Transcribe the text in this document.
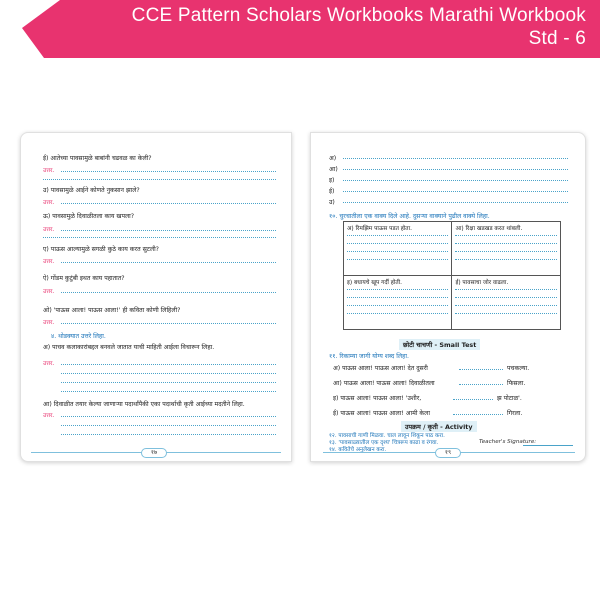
CCE Pattern Scholars Workbooks Marathi Workbook
Std - 6
ई) आतेच्या पावसामुळे बाबांनी चढवळ का केली?
उत्तर.
उ) पावसामुळे आईने कोणते नुकसान झाले?
उत्तर.
ऊ) पावसामुळे दिवाळीतला काय खपला?
उत्तर.
ए) पाऊस आल्यामुळे सगळी कुठे काय करत सुटली?
उत्तर.
ऐ) गोंडम कुटुंबी इथत काय पहातात?
उत्तर.
ओ) 'पाऊस आला! पाऊस आला!' ही कविता कोणी लिहिली?
उत्तर.
४. थोडक्यात उत्तरे लिहा.
अ) पाचव कलाकारांबद्दल बनवले जातात याची माहिती आईला विचारून लिहा.
उत्तर.
आ) दिवाळीत तयार केल्या जाणाऱ्या पदार्थांपैकी एका पदार्थाची कृती आईच्या मदतीने लिहा.
उत्तर.
१७
अ)
आ)
इ)
ई)
उ)
१०. चुरचातीला एक वाक्य दिले आहे. दुसऱ्या वाक्याने पुढील वाक्ये लिहा.
अ) रिमझिम पाऊस पडत होता.	आ) रिक्षा खडखड करत थांबली.

इ) बधायचे खूप गर्दी होती.	ई) पावसाचा जोर वाढला.
छोटी चाचणी - Small Test
११. रिकाम्या जागी योग्य शब्द लिहा.
अ) पाऊस आला! पाऊस आला! देत दुसरी	पचकल्या.
आ) पाऊस आला! पाऊस आला! दिवाळीतला	फिसला.
इ) पाऊस आला! पाऊस आला! 'उशीर,	झ पोटाळ'.
ई) पाऊस आला! पाऊस आला! आमी केला	गिरला.
उपक्रम / कृती - Activity
१२. पावसाची गाणी मिळवा. चाल लावून शिकून पाठ करा.
१३. 'पावसाळ्यातील एक दृश्य' चित्ररूप काढा व रंगवा.
१४. कवितेचे अनुलेखन करा.
Teacher's Signature:
१९
